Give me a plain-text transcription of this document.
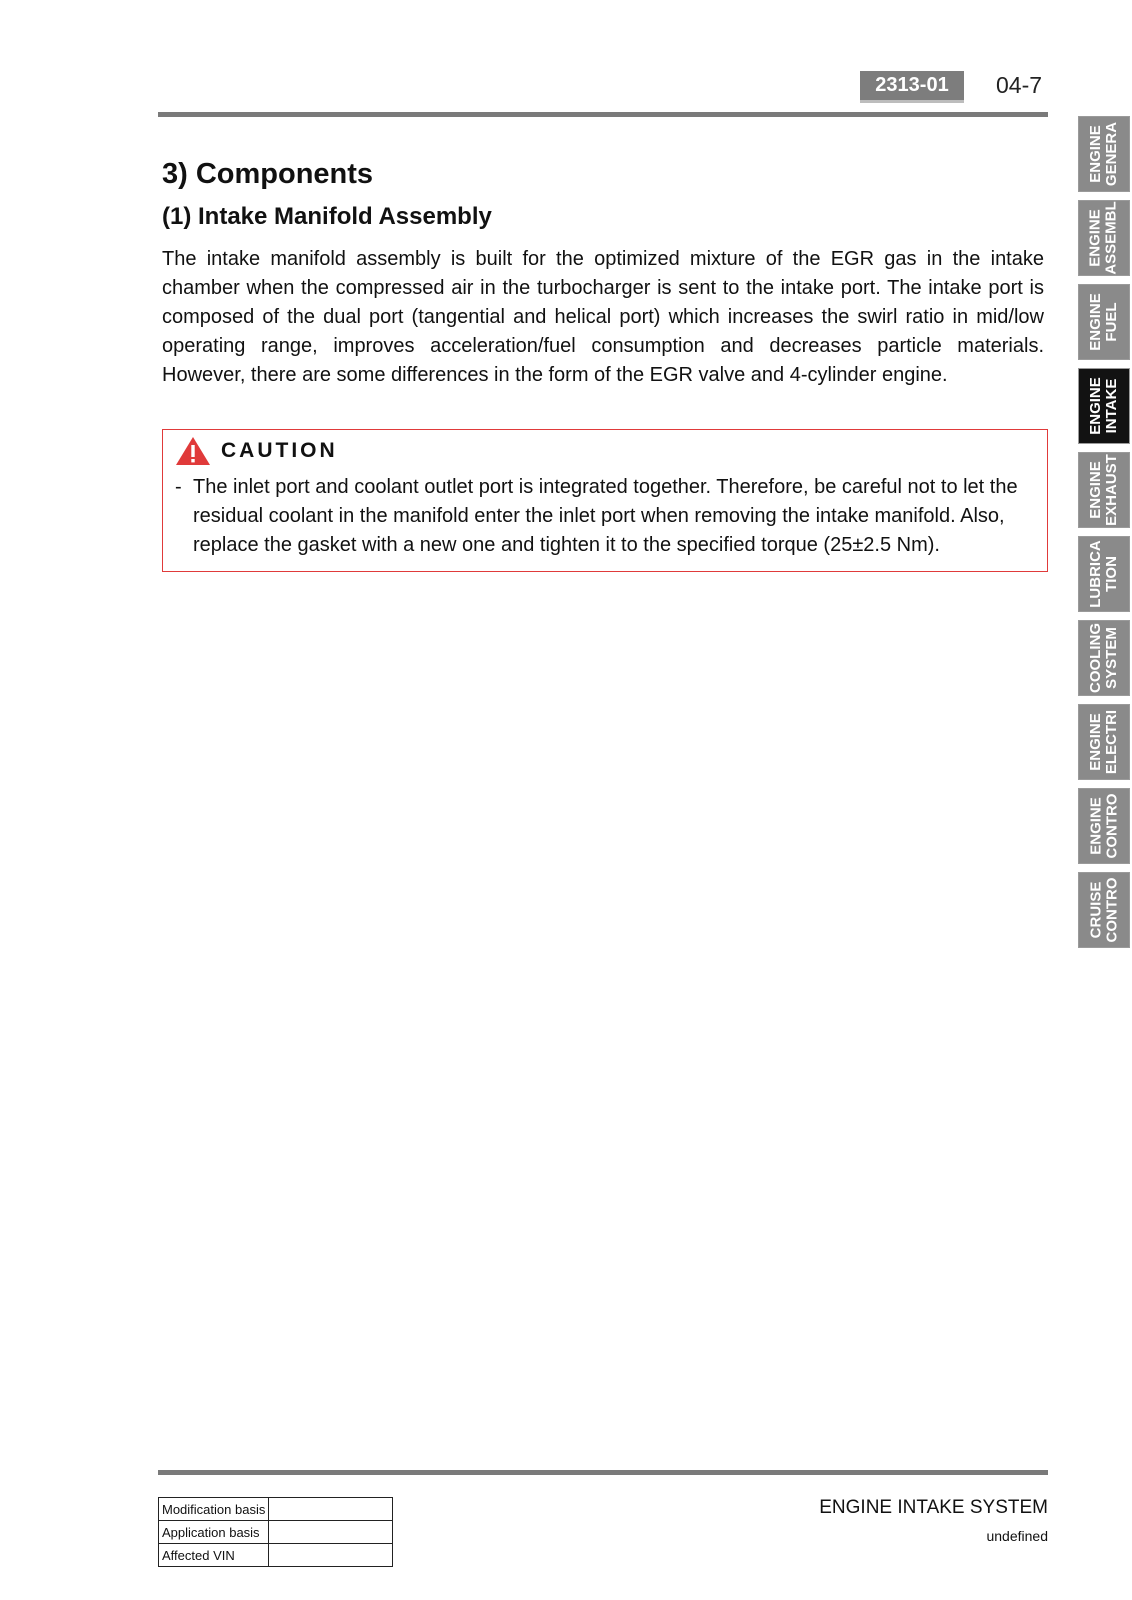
2313-01	04-7
3) Components
(1) Intake Manifold Assembly

The intake manifold assembly is built for the optimized mixture of the EGR gas in the intake chamber when the compressed air in the turbocharger is sent to the intake port. The intake port is composed of the dual port (tangential and helical port) which increases the swirl ratio in mid/low operating range, improves acceleration/fuel consumption and decreases particle materials. However, there are some differences in the form of the EGR valve and 4-cylinder engine.

CAUTION
- The inlet port and coolant outlet port is integrated together. Therefore, be careful not to let the residual coolant in the manifold enter the inlet port when removing the intake manifold. Also, replace the gasket with a new one and tighten it to the specified torque (25±2.5 Nm).
ENGINE
GENERA
ENGINE
ASSEMBL
ENGINE
FUEL
ENGINE
INTAKE
ENGINE
EXHAUST
LUBRICA
TION
COOLING
SYSTEM
ENGINE
ELECTRI
ENGINE
CONTRO
CRUISE
CONTRO
Modification basis	
Application basis	
Affected VIN	
ENGINE INTAKE SYSTEM
undefined
